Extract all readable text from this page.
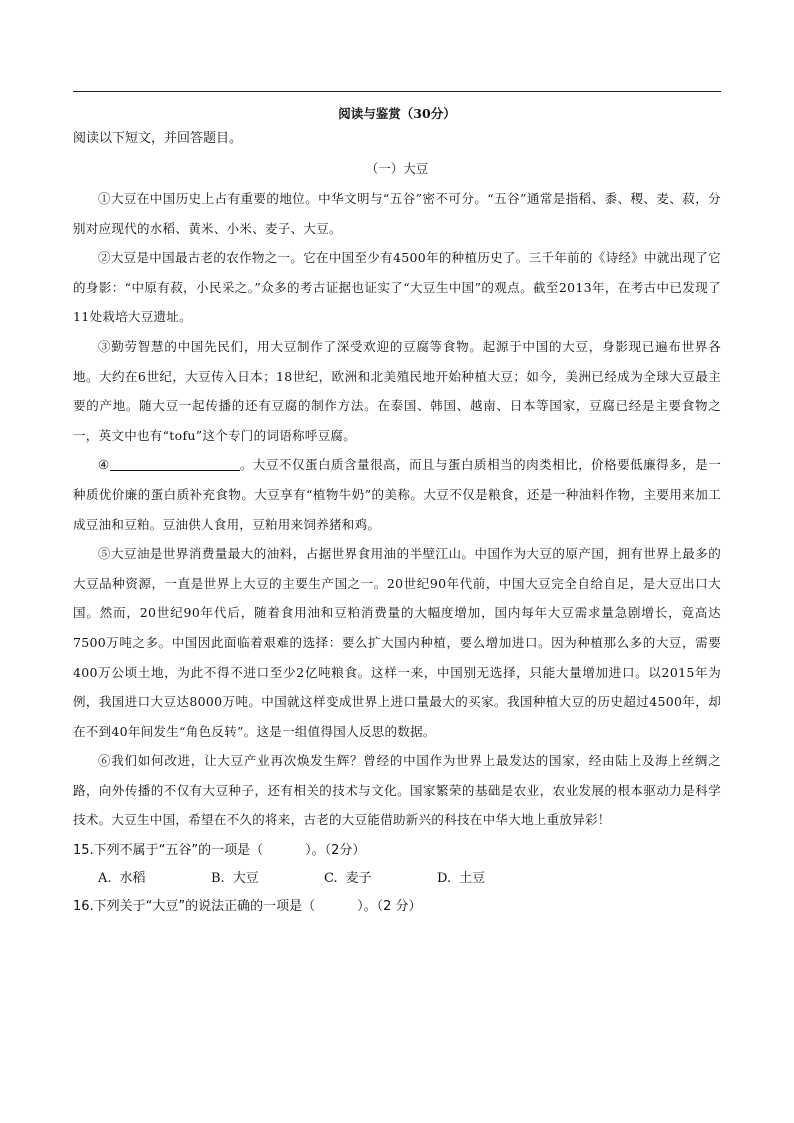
阅读与鉴赏（30分）

阅读以下短文，并回答题目。

（一）大豆

①大豆在中国历史上占有重要的地位。中华文明与“五谷”密不可分。“五谷”通常是指稻、黍、稷、麦、菽，分别对应现代的水稻、黄米、小米、麦子、大豆。

②大豆是中国最古老的农作物之一。它在中国至少有4500年的种植历史了。三千年前的《诗经》中就出现了它的身影：“中原有菽，小民采之。”众多的考古证据也证实了“大豆生中国”的观点。截至2013年，在考古中已发现了11处栽培大豆遗址。

③勤劳智慧的中国先民们，用大豆制作了深受欢迎的豆腐等食物。起源于中国的大豆，身影现已遍布世界各地。大约在6世纪，大豆传入日本；18世纪，欧洲和北美殖民地开始种植大豆；如今，美洲已经成为全球大豆最主要的产地。随大豆一起传播的还有豆腐的制作方法。在泰国、韩国、越南、日本等国家，豆腐已经是主要食物之一，英文中也有“tofu”这个专门的词语称呼豆腐。

④	。大豆不仅蛋白质含量很高，而且与蛋白质相当的肉类相比，价格要低廉得多，是一种质优价廉的蛋白质补充食物。大豆享有“植物牛奶”的美称。大豆不仅是粮食，还是一种油料作物，主要用来加工成豆油和豆粕。豆油供人食用，豆粕用来饲养猪和鸡。

⑤大豆油是世界消费量最大的油料，占据世界食用油的半壁江山。中国作为大豆的原产国，拥有世界上最多的大豆品种资源，一直是世界上大豆的主要生产国之一。20世纪90年代前，中国大豆完全自给自足，是大豆出口大国。然而，20世纪90年代后，随着食用油和豆粕消费量的大幅度增加，国内每年大豆需求量急剧增长，竟高达7500万吨之多。中国因此面临着艰难的选择：要么扩大国内种植，要么增加进口。因为种植那么多的大豆，需要400万公顷土地，为此不得不进口至少2亿吨粮食。这样一来，中国别无选择，只能大量增加进口。以2015年为例，我国进口大豆达8000万吨。中国就这样变成世界上进口量最大的买家。我国种植大豆的历史超过4500年，却在不到40年间发生“角色反转”。这是一组值得国人反思的数据。

⑥我们如何改进，让大豆产业再次焕发生辉？曾经的中国作为世界上最发达的国家，经由陆上及海上丝绸之路，向外传播的不仅有大豆种子，还有相关的技术与文化。国家繁荣的基础是农业，农业发展的根本驱动力是科学技术。大豆生中国，希望在不久的将来，古老的大豆能借助新兴的科技在中华大地上重放异彩！

15.下列不属于“五谷”的一项是（	）。（2分）

A. 水稻	B. 大豆	C. 麦子	D. 土豆

16.下列关于“大豆”的说法正确的一项是（	）。（2 分）
